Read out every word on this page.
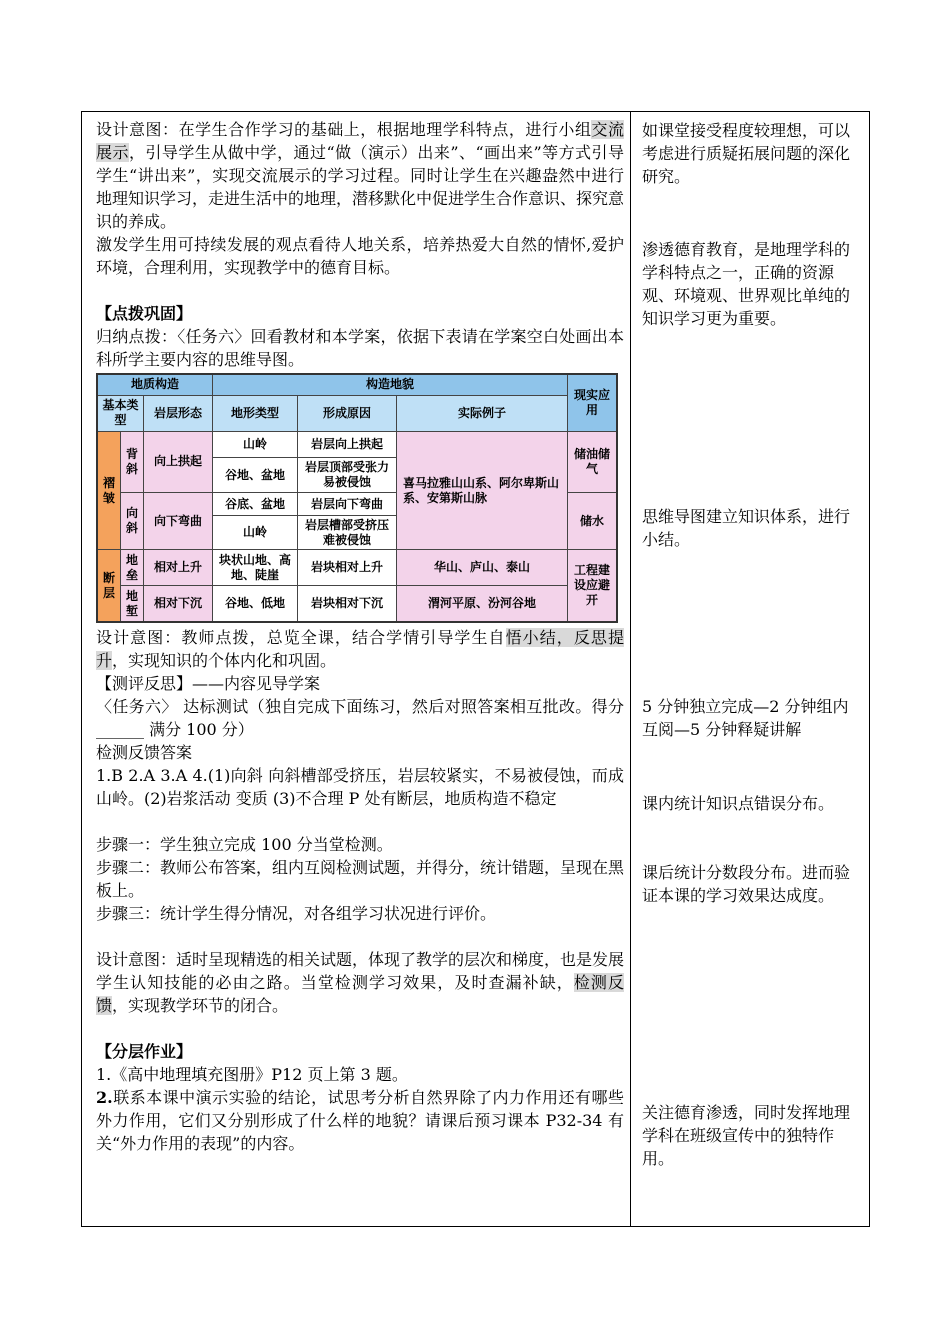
设计意图：在学生合作学习的基础上，根据地理学科特点，进行小组交流展示，引导学生从做中学，通过“做（演示）出来”、“画出来”等方式引导学生“讲出来”，实现交流展示的学习过程。同时让学生在兴趣盎然中进行地理知识学习，走进生活中的地理，潜移默化中促进学生合作意识、探究意识的养成。

激发学生用可持续发展的观点看待人地关系，培养热爱大自然的情怀,爱护环境，合理利用，实现教学中的德育目标。

【点拨巩固】

归纳点拨：〈任务六〉回看教材和本学案，依据下表请在学案空白处画出本科所学主要内容的思维导图。

地质构造			构造地貌			现实应用
基本类型		岩层形态	地形类型	形成原因	实际例子	
褶皱	背斜	向上拱起	山岭	岩层向上拱起	喜马拉雅山山系、阿尔卑斯山系、安第斯山脉	储油储气
			谷地、盆地	岩层顶部受张力易被侵蚀		
	向斜	向下弯曲	谷底、盆地	岩层向下弯曲		储水
			山岭	岩层槽部受挤压难被侵蚀		
断层	地垒	相对上升	块状山地、高地、陡崖	岩块相对上升	华山、庐山、泰山	工程建设应避开
	地堑	相对下沉	谷地、低地	岩块相对下沉	渭河平原、汾河谷地	

设计意图：教师点拨，总览全课，结合学情引导学生自悟小结，反思提升，实现知识的个体内化和巩固。

【测评反思】——内容见导学案

〈任务六〉 达标测试（独自完成下面练习，然后对照答案相互批改。得分______ 满分 100 分）

检测反馈答案

1.B 2.A 3.A 4.(1)向斜 向斜槽部受挤压，岩层较紧实，不易被侵蚀，而成山岭。(2)岩浆活动 变质 (3)不合理 P 处有断层，地质构造不稳定

步骤一：学生独立完成 100 分当堂检测。

步骤二：教师公布答案，组内互阅检测试题，并得分，统计错题，呈现在黑板上。

步骤三：统计学生得分情况，对各组学习状况进行评价。

设计意图：适时呈现精选的相关试题，体现了教学的层次和梯度，也是发展学生认知技能的必由之路。当堂检测学习效果，及时查漏补缺，检测反馈，实现教学环节的闭合。

【分层作业】

1.《高中地理填充图册》P12 页上第 3 题。

2.联系本课中演示实验的结论，试思考分析自然界除了内力作用还有哪些外力作用，它们又分别形成了什么样的地貌？请课后预习课本 P32-34 有关“外力作用的表现”的内容。

如课堂接受程度较理想，可以考虑进行质疑拓展问题的深化研究。

渗透德育教育，是地理学科的学科特点之一，正确的资源观、环境观、世界观比单纯的知识学习更为重要。

思维导图建立知识体系，进行小结。

5 分钟独立完成—2 分钟组内互阅—5 分钟释疑讲解

课内统计知识点错误分布。

课后统计分数段分布。进而验证本课的学习效果达成度。

关注德育渗透，同时发挥地理学科在班级宣传中的独特作用。
